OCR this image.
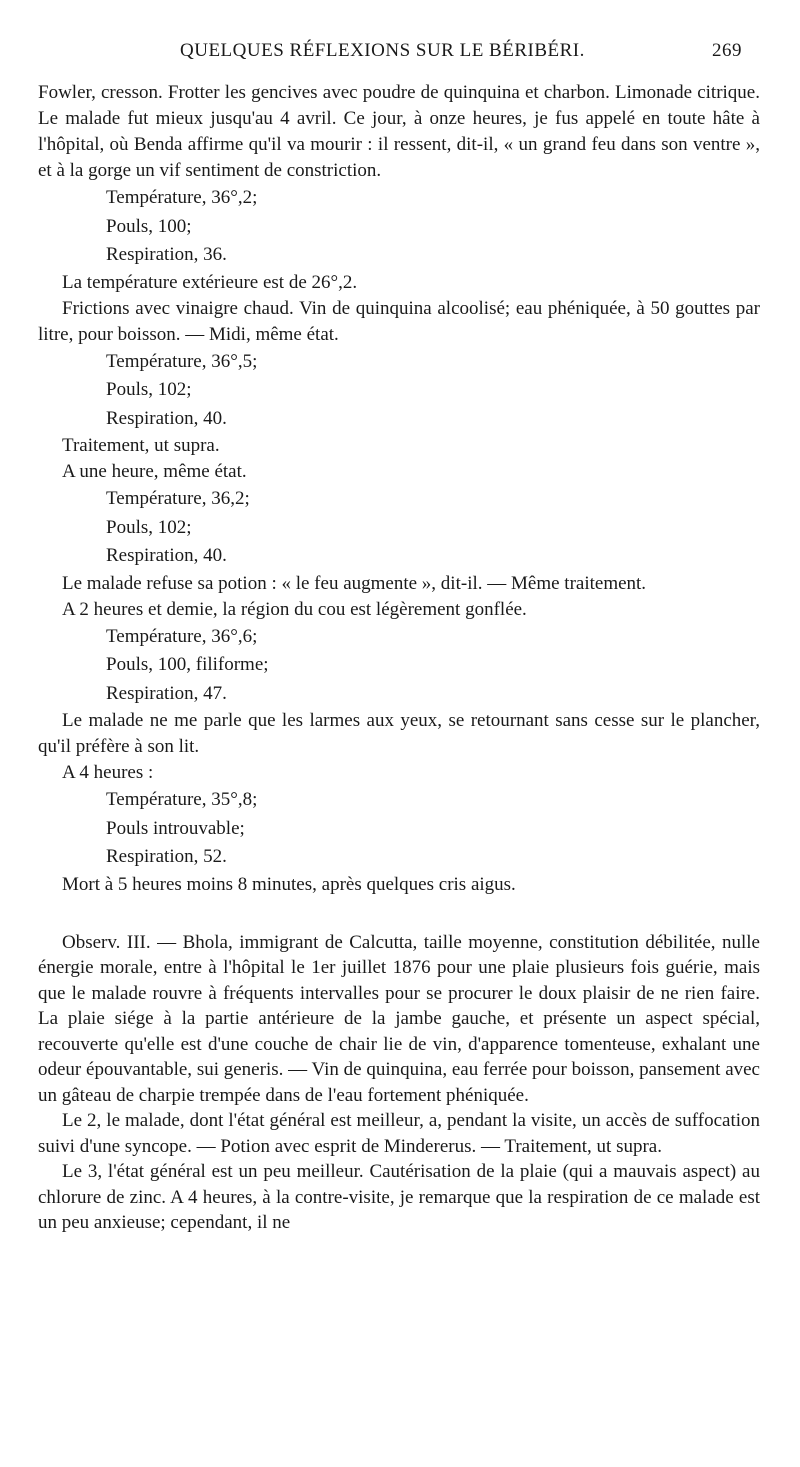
QUELQUES RÉFLEXIONS SUR LE BÉRIBÉRI.	269

Fowler, cresson. Frotter les gencives avec poudre de quinquina et charbon. Limonade citrique. Le malade fut mieux jusqu'au 4 avril. Ce jour, à onze heures, je fus appelé en toute hâte à l'hôpital, où Benda affirme qu'il va mourir : il ressent, dit-il, « un grand feu dans son ventre », et à la gorge un vif sentiment de constriction.

Température, 36°,2;

Pouls, 100;

Respiration, 36.

La température extérieure est de 26°,2.

Frictions avec vinaigre chaud. Vin de quinquina alcoolisé; eau phéniquée, à 50 gouttes par litre, pour boisson. — Midi, même état.

Température, 36°,5;

Pouls, 102;

Respiration, 40.

Traitement, ut supra.

A une heure, même état.

Température, 36,2;

Pouls, 102;

Respiration, 40.

Le malade refuse sa potion : « le feu augmente », dit-il. — Même traitement.

A 2 heures et demie, la région du cou est légèrement gonflée.

Température, 36°,6;

Pouls, 100, filiforme;

Respiration, 47.

Le malade ne me parle que les larmes aux yeux, se retournant sans cesse sur le plancher, qu'il préfère à son lit.

A 4 heures :

Température, 35°,8;

Pouls introuvable;

Respiration, 52.

Mort à 5 heures moins 8 minutes, après quelques cris aigus.

Observ. III. — Bhola, immigrant de Calcutta, taille moyenne, constitution débilitée, nulle énergie morale, entre à l'hôpital le 1er juillet 1876 pour une plaie plusieurs fois guérie, mais que le malade rouvre à fréquents intervalles pour se procurer le doux plaisir de ne rien faire. La plaie siége à la partie antérieure de la jambe gauche, et présente un aspect spécial, recouverte qu'elle est d'une couche de chair lie de vin, d'apparence tomenteuse, exhalant une odeur épouvantable, sui generis. — Vin de quinquina, eau ferrée pour boisson, pansement avec un gâteau de charpie trempée dans de l'eau fortement phéniquée.

Le 2, le malade, dont l'état général est meilleur, a, pendant la visite, un accès de suffocation suivi d'une syncope. — Potion avec esprit de Mindererus. — Traitement, ut supra.

Le 3, l'état général est un peu meilleur. Cautérisation de la plaie (qui a mauvais aspect) au chlorure de zinc. A 4 heures, à la contre-visite, je remarque que la respiration de ce malade est un peu anxieuse; cependant, il ne
